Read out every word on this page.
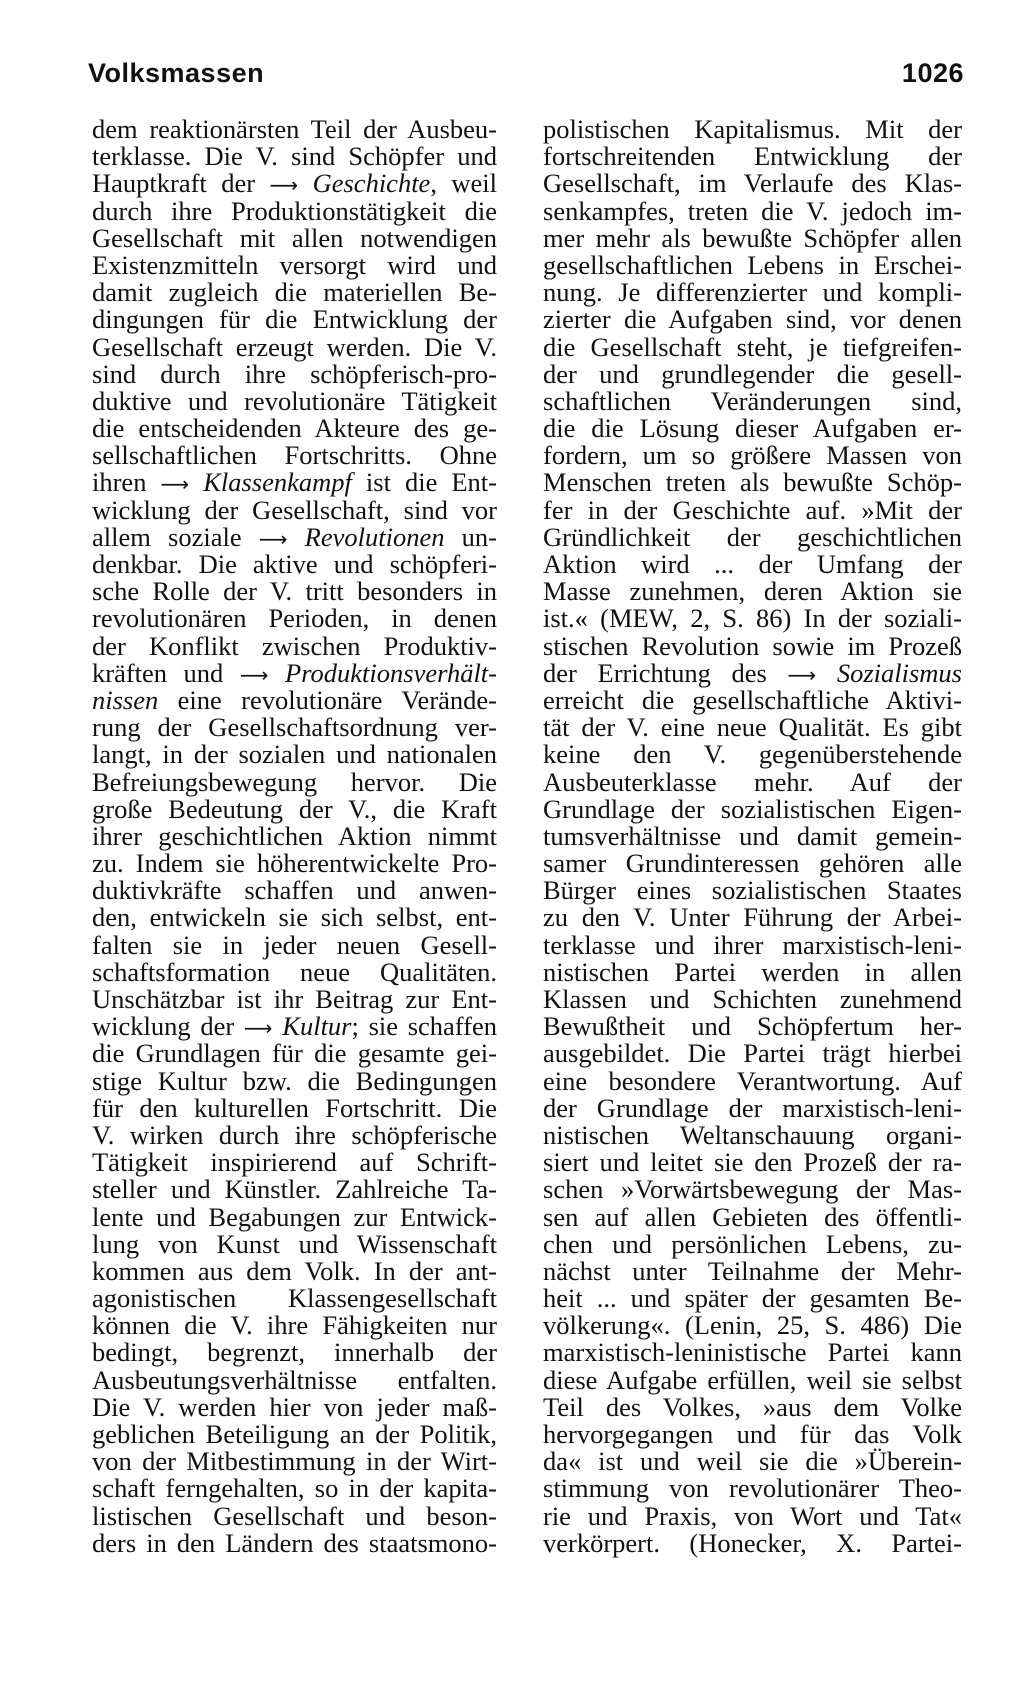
Volksmassen	1026
dem reaktionärsten Teil der Ausbeu-
terklasse. Die V. sind Schöpfer und
Hauptkraft der ⟶ Geschichte, weil
durch ihre Produktionstätigkeit die
Gesellschaft mit allen notwendigen
Existenzmitteln versorgt wird und
damit zugleich die materiellen Be-
dingungen für die Entwicklung der
Gesellschaft erzeugt werden. Die V.
sind durch ihre schöpferisch-pro-
duktive und revolutionäre Tätigkeit
die entscheidenden Akteure des ge-
sellschaftlichen Fortschritts. Ohne
ihren ⟶ Klassenkampf ist die Ent-
wicklung der Gesellschaft, sind vor
allem soziale ⟶ Revolutionen un-
denkbar. Die aktive und schöpferi-
sche Rolle der V. tritt besonders in
revolutionären Perioden, in denen
der Konflikt zwischen Produktiv-
kräften und ⟶ Produktionsverhält-
nissen eine revolutionäre Verände-
rung der Gesellschaftsordnung ver-
langt, in der sozialen und nationalen
Befreiungsbewegung hervor. Die
große Bedeutung der V., die Kraft
ihrer geschichtlichen Aktion nimmt
zu. Indem sie höherentwickelte Pro-
duktivkräfte schaffen und anwen-
den, entwickeln sie sich selbst, ent-
falten sie in jeder neuen Gesell-
schaftsformation neue Qualitäten.
Unschätzbar ist ihr Beitrag zur Ent-
wicklung der ⟶ Kultur; sie schaffen
die Grundlagen für die gesamte gei-
stige Kultur bzw. die Bedingungen
für den kulturellen Fortschritt. Die
V. wirken durch ihre schöpferische
Tätigkeit inspirierend auf Schrift-
steller und Künstler. Zahlreiche Ta-
lente und Begabungen zur Entwick-
lung von Kunst und Wissenschaft
kommen aus dem Volk. In der ant-
agonistischen Klassengesellschaft
können die V. ihre Fähigkeiten nur
bedingt, begrenzt, innerhalb der
Ausbeutungsverhältnisse entfalten.
Die V. werden hier von jeder maß-
geblichen Beteiligung an der Politik,
von der Mitbestimmung in der Wirt-
schaft ferngehalten, so in der kapita-
listischen Gesellschaft und beson-
ders in den Ländern des staatsmono-
polistischen Kapitalismus. Mit der
fortschreitenden Entwicklung der
Gesellschaft, im Verlaufe des Klas-
senkampfes, treten die V. jedoch im-
mer mehr als bewußte Schöpfer allen
gesellschaftlichen Lebens in Erschei-
nung. Je differenzierter und kompli-
zierter die Aufgaben sind, vor denen
die Gesellschaft steht, je tiefgreifen-
der und grundlegender die gesell-
schaftlichen Veränderungen sind,
die die Lösung dieser Aufgaben er-
fordern, um so größere Massen von
Menschen treten als bewußte Schöp-
fer in der Geschichte auf. »Mit der
Gründlichkeit der geschichtlichen
Aktion wird ... der Umfang der
Masse zunehmen, deren Aktion sie
ist.« (MEW, 2, S. 86) In der soziali-
stischen Revolution sowie im Prozeß
der Errichtung des ⟶ Sozialismus
erreicht die gesellschaftliche Aktivi-
tät der V. eine neue Qualität. Es gibt
keine den V. gegenüberstehende
Ausbeuterklasse mehr. Auf der
Grundlage der sozialistischen Eigen-
tumsverhältnisse und damit gemein-
samer Grundinteressen gehören alle
Bürger eines sozialistischen Staates
zu den V. Unter Führung der Arbei-
terklasse und ihrer marxistisch-leni-
nistischen Partei werden in allen
Klassen und Schichten zunehmend
Bewußtheit und Schöpfertum her-
ausgebildet. Die Partei trägt hierbei
eine besondere Verantwortung. Auf
der Grundlage der marxistisch-leni-
nistischen Weltanschauung organi-
siert und leitet sie den Prozeß der ra-
schen »Vorwärtsbewegung der Mas-
sen auf allen Gebieten des öffentli-
chen und persönlichen Lebens, zu-
nächst unter Teilnahme der Mehr-
heit ... und später der gesamten Be-
völkerung«. (Lenin, 25, S. 486) Die
marxistisch-leninistische Partei kann
diese Aufgabe erfüllen, weil sie selbst
Teil des Volkes, »aus dem Volke
hervorgegangen und für das Volk
da« ist und weil sie die »Überein-
stimmung von revolutionärer Theo-
rie und Praxis, von Wort und Tat«
verkörpert. (Honecker, X. Partei-
